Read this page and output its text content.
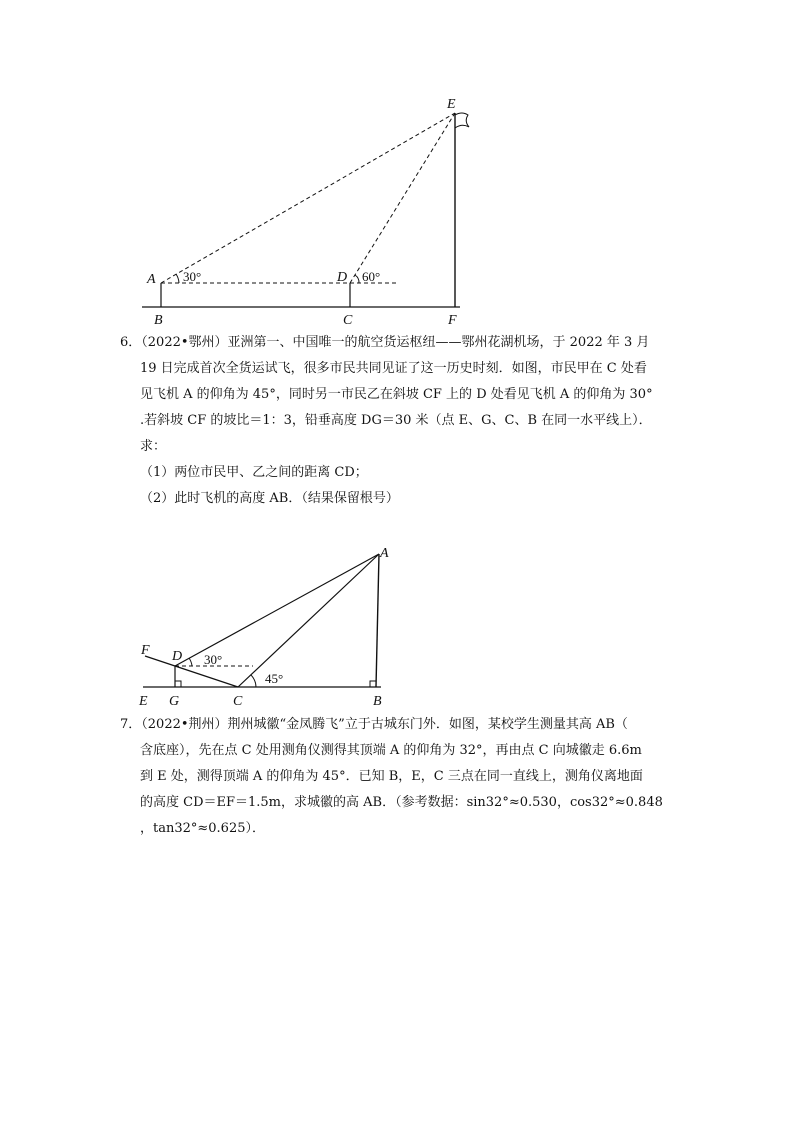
E
A	D
B	C	F
30°	60°

6．（2022•鄂州）亚洲第一、中国唯一的航空货运枢纽——鄂州花湖机场，于 2022 年 3 月

19 日完成首次全货运试飞，很多市民共同见证了这一历史时刻．如图，市民甲在 C 处看

见飞机 A 的仰角为 45°，同时另一市民乙在斜坡 CF 上的 D 处看见飞机 A 的仰角为 30°

.若斜坡 CF 的坡比＝1：3，铅垂高度 DG＝30 米（点 E、G、C、B 在同一水平线上）．

求：

（1）两位市民甲、乙之间的距离 CD；

（2）此时飞机的高度 AB．（结果保留根号）

A
F D
E G	C	B
30°
45°

7．（2022•荆州）荆州城徽“金凤腾飞”立于古城东门外．如图，某校学生测量其高 AB（

含底座），先在点 C 处用测角仪测得其顶端 A 的仰角为 32°，再由点 C 向城徽走 6.6m

到 E 处，测得顶端 A 的仰角为 45°．已知 B，E，C 三点在同一直线上，测角仪离地面

的高度 CD＝EF＝1.5m，求城徽的高 AB．（参考数据：sin32°≈0.530，cos32°≈0.848

，tan32°≈0.625）．
